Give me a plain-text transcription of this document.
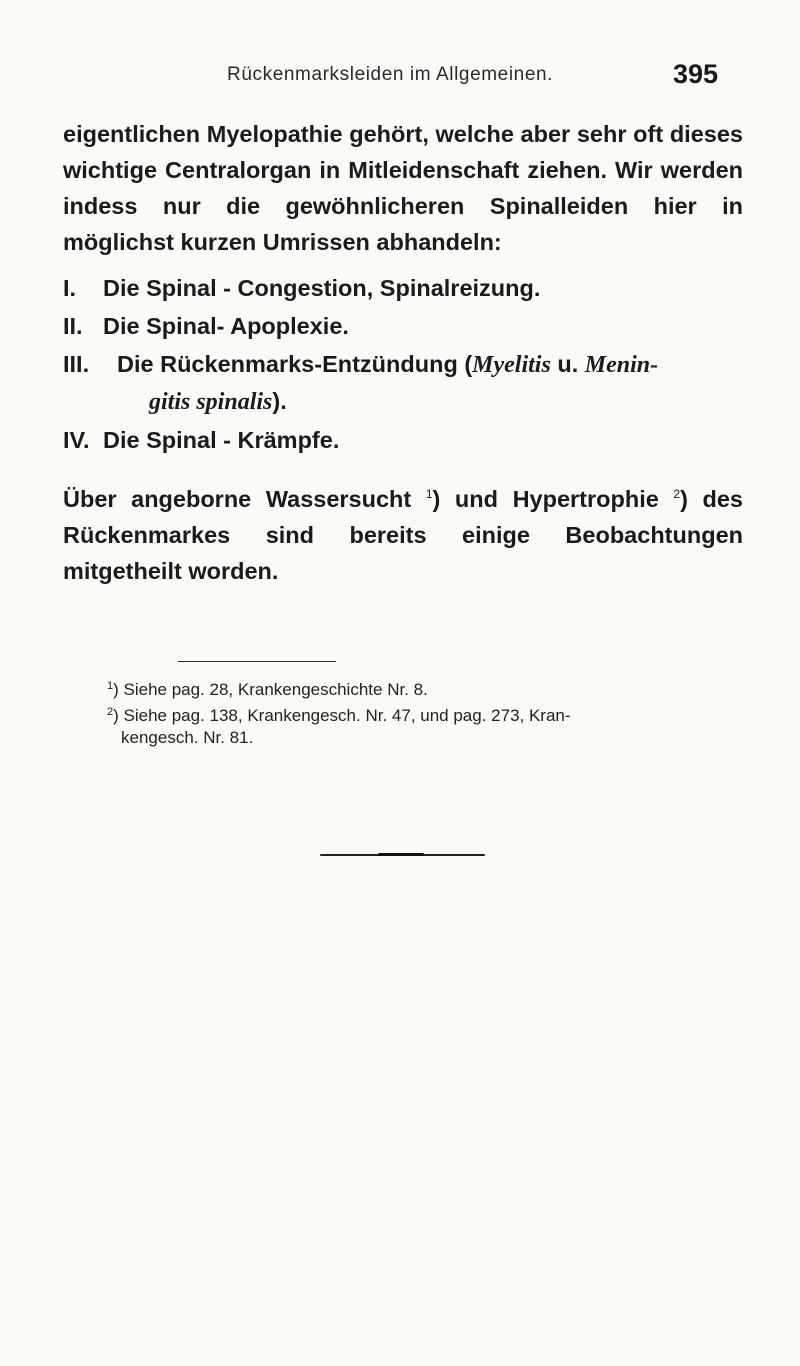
Rückenmarksleiden im Allgemeinen.	395

eigentlichen Myelopathie gehört, welche aber sehr oft dieses wichtige Centralorgan in Mitleidenschaft ziehen. Wir werden indess nur die gewöhnlicheren Spinalleiden hier in möglichst kurzen Umrissen abhandeln:

I.	Die Spinal - Congestion, Spinalreizung.
II. Die Spinal- Apoplexie.
III.	Die Rückenmarks-Entzündung (Myelitis u. Menin-
gitis spinalis).
IV. Die Spinal - Krämpfe.

Über angeborne Wassersucht $^1$) und Hypertrophie $^2$) des Rückenmarkes sind bereits einige Beobachtungen mitgetheilt worden.

$^1$) Siehe pag. 28, Krankengeschichte Nr. 8.

$^2$) Siehe pag. 138, Krankengesch. Nr. 47, und pag. 273, Kran-

kengesch. Nr. 81.
